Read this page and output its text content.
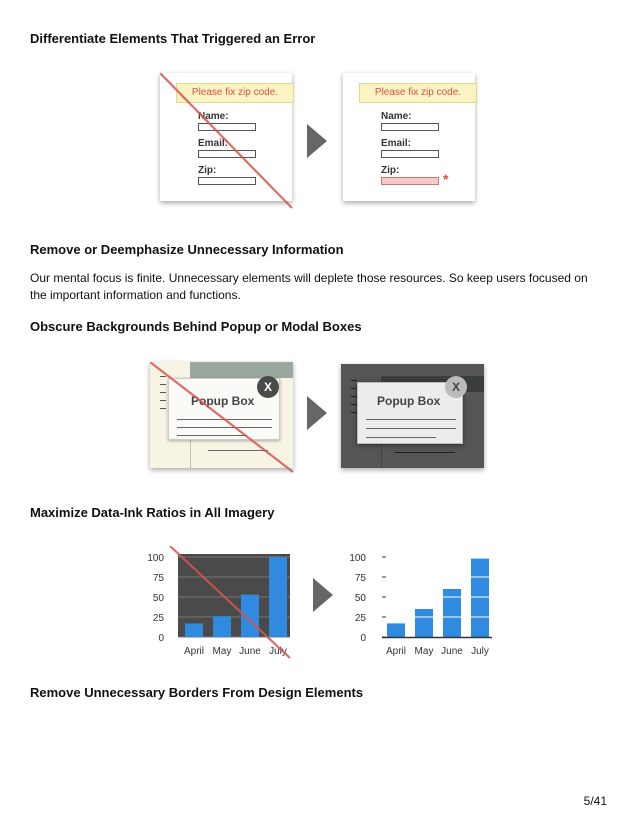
Differentiate Elements That Triggered an Error
Please fix zip code.
Name:
Email:
Zip:
Please fix zip code.
Name:
Email:
Zip:
*
Remove or Deemphasize Unnecessary Information

Our mental focus is finite. Unnecessary elements will deplete those resources. So keep users focused on the important information and functions.

Obscure Backgrounds Behind Popup or Modal Boxes
Popup Box
X
Popup Box
X
Maximize Data-Ink Ratios in All Imagery
0
25
50
75
100
April May June July
0
25
50
75
100
April May June July
Remove Unnecessary Borders From Design Elements
5/41
